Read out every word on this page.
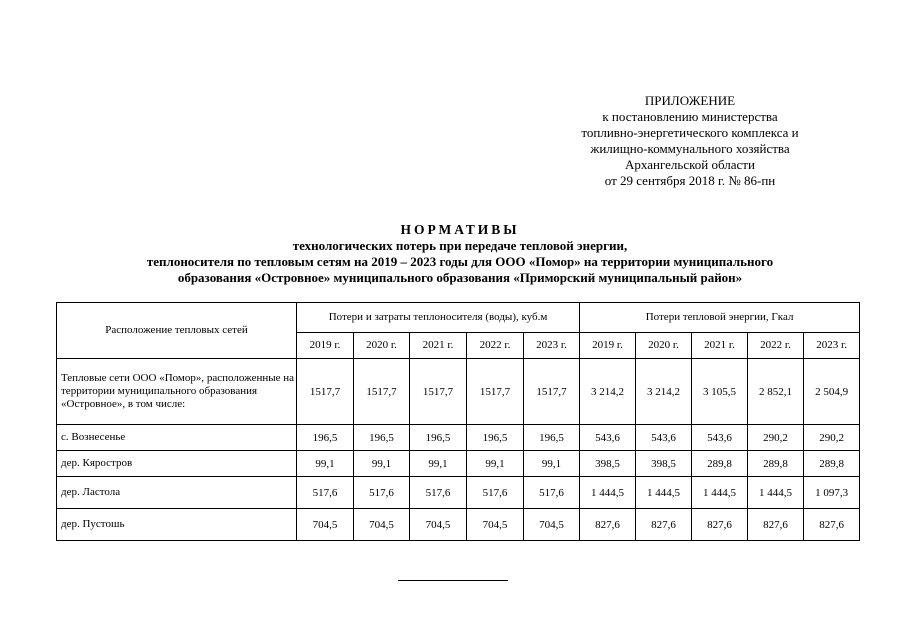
ПРИЛОЖЕНИЕ
к постановлению министерства
топливно-энергетического комплекса и
жилищно-коммунального хозяйства
Архангельской области
от 29 сентября 2018 г. № 86-пн
НОРМАТИВЫ
технологических потерь при передаче тепловой энергии,
теплоносителя по тепловым сетям на 2019 – 2023 годы для ООО «Помор» на территории муниципального
образования «Островное» муниципального образования «Приморский муниципальный район»
Расположение тепловых сетей	Потери и затраты теплоносителя (воды), куб.м					Потери тепловой энергии, Гкал				
	2019 г.	2020 г.	2021 г.	2022 г.	2023 г.	2019 г.	2020 г.	2021 г.	2022 г.	2023 г.
Тепловые сети ООО «Помор», расположенные на территории муниципального образования «Островное», в том числе:	1517,7	1517,7	1517,7	1517,7	1517,7	3 214,2	3 214,2	3 105,5	2 852,1	2 504,9
с. Вознесенье	196,5	196,5	196,5	196,5	196,5	543,6	543,6	543,6	290,2	290,2
дер. Кяростров	99,1	99,1	99,1	99,1	99,1	398,5	398,5	289,8	289,8	289,8
дер. Ластола	517,6	517,6	517,6	517,6	517,6	1 444,5	1 444,5	1 444,5	1 444,5	1 097,3
дер. Пустошь	704,5	704,5	704,5	704,5	704,5	827,6	827,6	827,6	827,6	827,6
